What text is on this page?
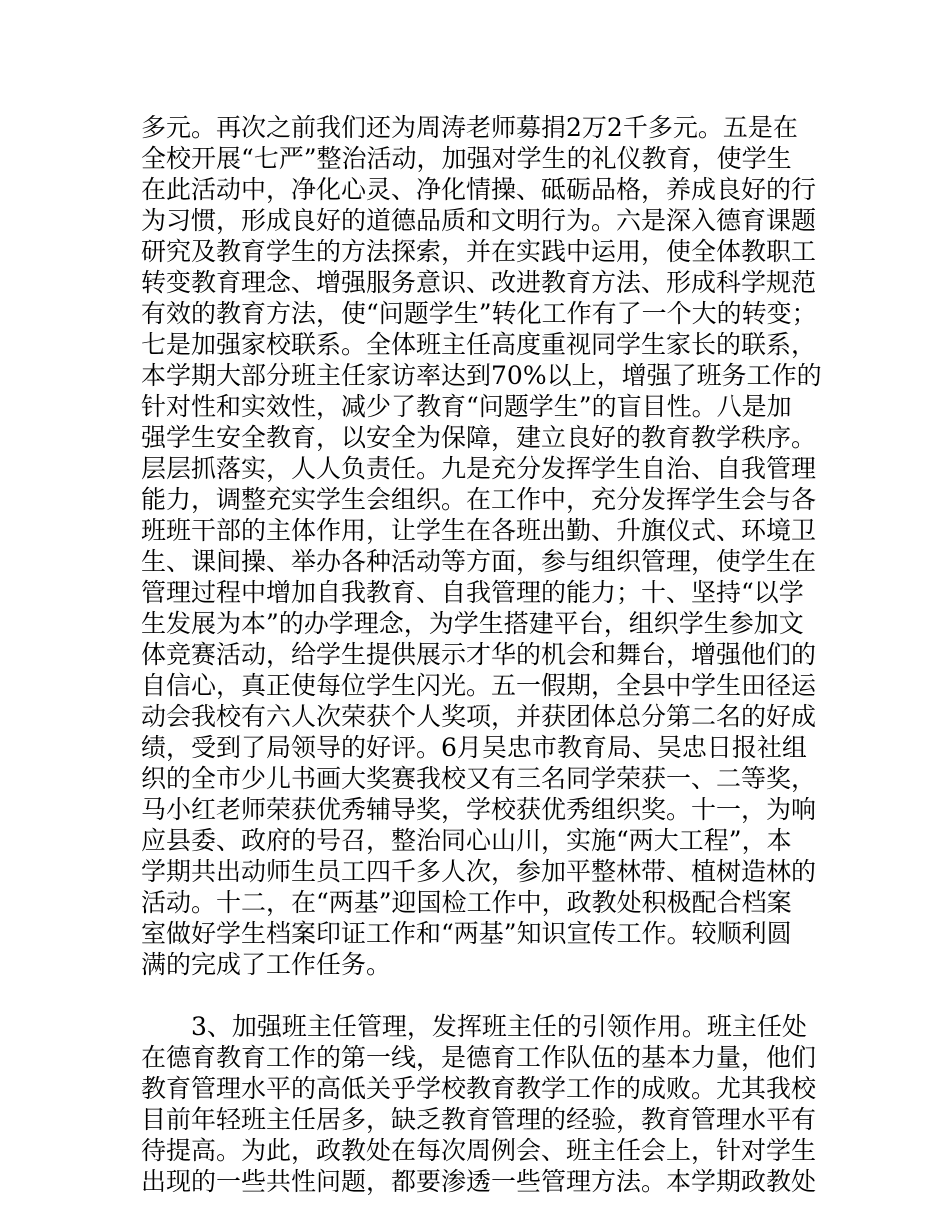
多元。再次之前我们还为周涛老师募捐2万2千多元。五是在
全校开展“七严”整治活动，加强对学生的礼仪教育，使学生
在此活动中，净化心灵、净化情操、砥砺品格，养成良好的行
为习惯，形成良好的道德品质和文明行为。六是深入德育课题
研究及教育学生的方法探索，并在实践中运用，使全体教职工
转变教育理念、增强服务意识、改进教育方法、形成科学规范
有效的教育方法，使“问题学生”转化工作有了一个大的转变；
七是加强家校联系。全体班主任高度重视同学生家长的联系，
本学期大部分班主任家访率达到70%以上，增强了班务工作的
针对性和实效性，减少了教育“问题学生”的盲目性。八是加
强学生安全教育，以安全为保障，建立良好的教育教学秩序。
层层抓落实，人人负责任。九是充分发挥学生自治、自我管理
能力，调整充实学生会组织。在工作中，充分发挥学生会与各
班班干部的主体作用，让学生在各班出勤、升旗仪式、环境卫
生、课间操、举办各种活动等方面，参与组织管理，使学生在
管理过程中增加自我教育、自我管理的能力；十、坚持“以学
生发展为本”的办学理念，为学生搭建平台，组织学生参加文
体竞赛活动，给学生提供展示才华的机会和舞台，增强他们的
自信心，真正使每位学生闪光。五一假期，全县中学生田径运
动会我校有六人次荣获个人奖项，并获团体总分第二名的好成
绩，受到了局领导的好评。6月吴忠市教育局、吴忠日报社组
织的全市少儿书画大奖赛我校又有三名同学荣获一、二等奖，
马小红老师荣获优秀辅导奖，学校获优秀组织奖。十一，为响
应县委、政府的号召，整治同心山川，实施“两大工程”，本
学期共出动师生员工四千多人次，参加平整林带、植树造林的
活动。十二，在“两基”迎国检工作中，政教处积极配合档案
室做好学生档案印证工作和“两基”知识宣传工作。较顺利圆
满的完成了工作任务。
　　3、加强班主任管理，发挥班主任的引领作用。班主任处
在德育教育工作的第一线，是德育工作队伍的基本力量，他们
教育管理水平的高低关乎学校教育教学工作的成败。尤其我校
目前年轻班主任居多，缺乏教育管理的经验，教育管理水平有
待提高。为此，政教处在每次周例会、班主任会上，针对学生
出现的一些共性问题，都要渗透一些管理方法。本学期政教处
